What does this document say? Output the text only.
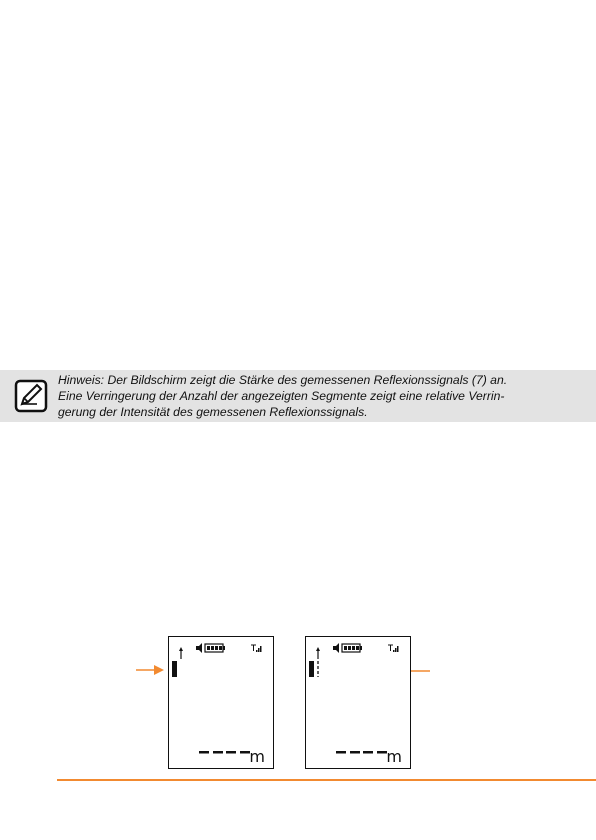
Hinweis: Der Bildschirm zeigt die Stärke des gemessenen Reflexionssignals (7) an.
Eine Verringerung der Anzahl der angezeigten Segmente zeigt eine relative Verrin-
gerung der Intensität des gemessenen Reflexionssignals.

m	m
